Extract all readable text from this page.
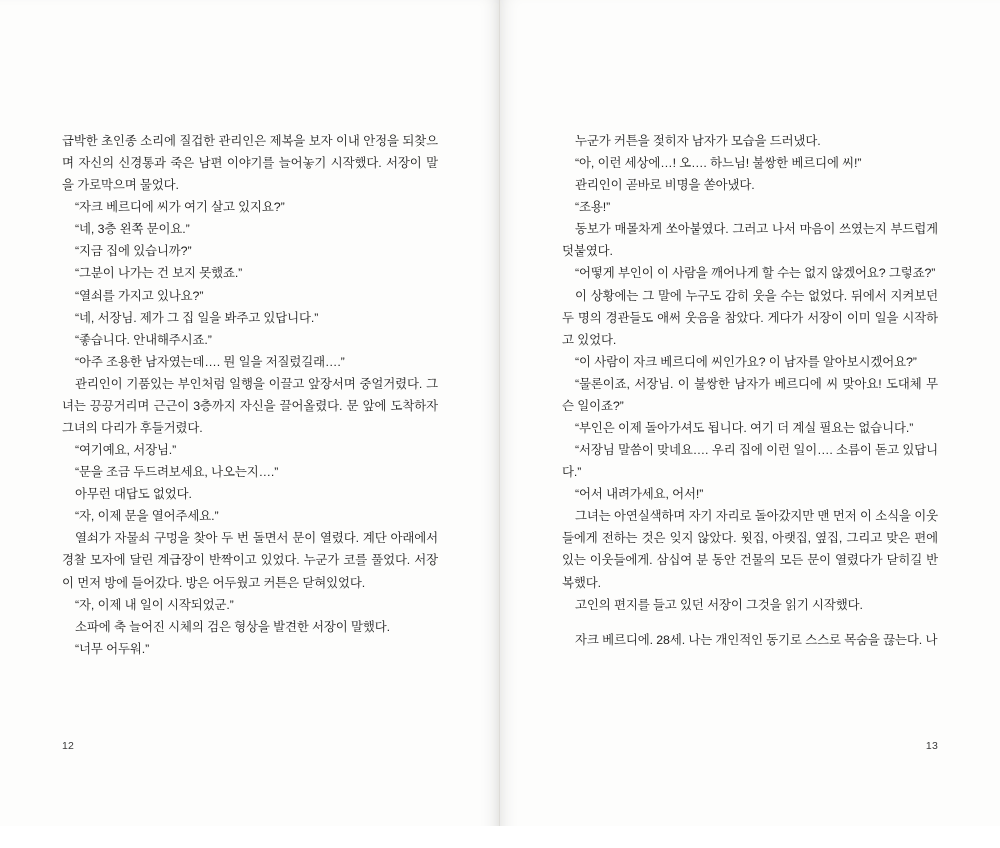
급박한 초인종 소리에 질겁한 관리인은 제복을 보자 이내 안정을 되찾으며 자신의 신경통과 죽은 남편 이야기를 늘어놓기 시작했다. 서장이 말을 가로막으며 물었다.

“자크 베르디에 씨가 여기 살고 있지요?”

“네, 3층 왼쪽 문이요.”

“지금 집에 있습니까?”

“그분이 나가는 건 보지 못했죠.”

“열쇠를 가지고 있나요?”

“네, 서장님. 제가 그 집 일을 봐주고 있답니다.”

“좋습니다. 안내해주시죠.”

“아주 조용한 남자였는데…. 뭔 일을 저질렀길래….”

관리인이 기품있는 부인처럼 일행을 이끌고 앞장서며 중얼거렸다. 그녀는 끙끙거리며 근근이 3층까지 자신을 끌어올렸다. 문 앞에 도착하자 그녀의 다리가 후들거렸다.

“여기예요, 서장님.”

“문을 조금 두드려보세요, 나오는지….”

아무런 대답도 없었다.

“자, 이제 문을 열어주세요.”

열쇠가 자물쇠 구멍을 찾아 두 번 돌면서 문이 열렸다. 계단 아래에서 경찰 모자에 달린 계급장이 반짝이고 있었다. 누군가 코를 풀었다. 서장이 먼저 방에 들어갔다. 방은 어두웠고 커튼은 닫혀있었다.

“자, 이제 내 일이 시작되었군.”

소파에 축 늘어진 시체의 검은 형상을 발견한 서장이 말했다.

“너무 어두워.”

12

누군가 커튼을 젖히자 남자가 모습을 드러냈다.

“아, 이런 세상에…! 오…. 하느님! 불쌍한 베르디에 씨!”

관리인이 곧바로 비명을 쏟아냈다.

“조용!”

동보가 매몰차게 쏘아붙였다. 그러고 나서 마음이 쓰였는지 부드럽게 덧붙였다.

“어떻게 부인이 이 사람을 깨어나게 할 수는 없지 않겠어요? 그렇죠?”

이 상황에는 그 말에 누구도 감히 웃을 수는 없었다. 뒤에서 지켜보던 두 명의 경관들도 애써 웃음을 참았다. 게다가 서장이 이미 일을 시작하고 있었다.

“이 사람이 자크 베르디에 씨인가요? 이 남자를 알아보시겠어요?”

“물론이죠, 서장님. 이 불쌍한 남자가 베르디에 씨 맞아요! 도대체 무슨 일이죠?”

“부인은 이제 돌아가셔도 됩니다. 여기 더 계실 필요는 없습니다.”

“서장님 말씀이 맞네요…. 우리 집에 이런 일이…. 소름이 돋고 있답니다.”

“어서 내려가세요, 어서!”

그녀는 아연실색하며 자기 자리로 돌아갔지만 맨 먼저 이 소식을 이웃들에게 전하는 것은 잊지 않았다. 윗집, 아랫집, 옆집, 그리고 맞은 편에 있는 이웃들에게. 삼십여 분 동안 건물의 모든 문이 열렸다가 닫히길 반복했다.

고인의 편지를 들고 있던 서장이 그것을 읽기 시작했다.

자크 베르디에. 28세. 나는 개인적인 동기로 스스로 목숨을 끊는다. 나

13
